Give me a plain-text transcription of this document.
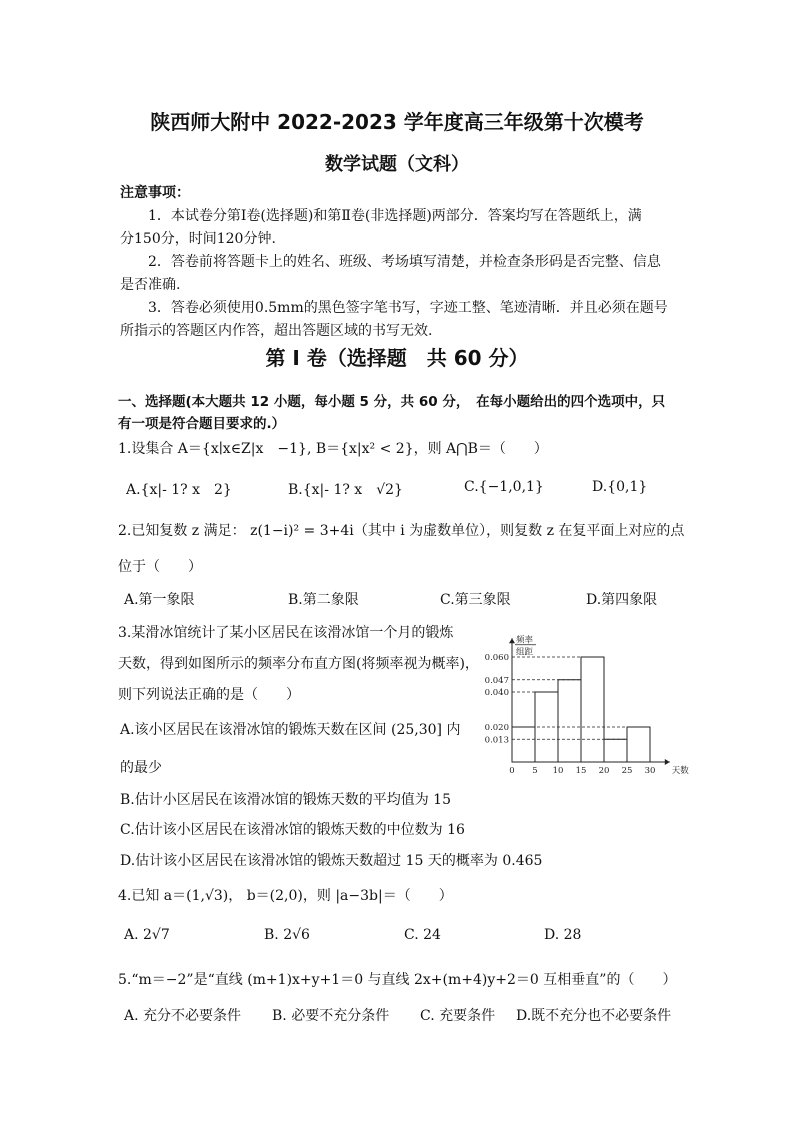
陕西师大附中 2022-2023 学年度高三年级第十次模考
数学试题（文科）
注意事项：
1．本试卷分第Ⅰ卷(选择题)和第Ⅱ卷(非选择题)两部分．答案均写在答题纸上，满
分150分，时间120分钟.
2．答卷前将答题卡上的姓名、班级、考场填写清楚，并检查条形码是否完整、信息
是否准确.
3．答卷必须使用0.5mm的黑色签字笔书写，字迹工整、笔迹清晰．并且必须在题号
所指示的答题区内作答，超出答题区域的书写无效.
第 Ⅰ 卷（选择题　共 60 分）
一、选择题(本大题共 12 小题，每小题 5 分，共 60 分，　在每小题给出的四个选项中，只
有一项是符合题目要求的.）
1.设集合 A＝{x∣x∈Z|x　−1}, B＝{x|x² < 2}，则 A⋂B＝（　　）
A.{x|- 1? x　2}	B.{x|- 1? x　√2}	C.{−1,0,1}	D.{0,1}
2.已知复数 z 满足： z(1−i)² = 3+4i（其中 i 为虚数单位），则复数 z 在复平面上对应的点
位于（　　）
A.第一象限	B.第二象限	C.第三象限	D.第四象限
3.某滑冰馆统计了某小区居民在该滑冰馆一个月的锻炼
天数，得到如图所示的频率分布直方图(将频率视为概率)，
则下列说法正确的是（　　）
A.该小区居民在该滑冰馆的锻炼天数在区间 (25,30] 内
的最少
B.估计小区居民在该滑冰馆的锻炼天数的平均值为 15
C.估计该小区居民在该滑冰馆的锻炼天数的中位数为 16
D.估计该小区居民在该滑冰馆的锻炼天数超过 15 天的概率为 0.465
频率
组距
0.060
0.047
0.040
0.020
0.013
0 5 10 15 20 25 30 天数
4.已知 a＝(1,√3)， b＝(2,0)，则 |a−3b|＝（　　）
A. 2√7	B. 2√6	C. 24	D. 28
5.“m＝−2”是“直线 (m+1)x+y+1＝0 与直线 2x+(m+4)y+2＝0 互相垂直”的（　　）
A. 充分不必要条件 B. 必要不充分条件 C. 充要条件 D.既不充分也不必要条件
